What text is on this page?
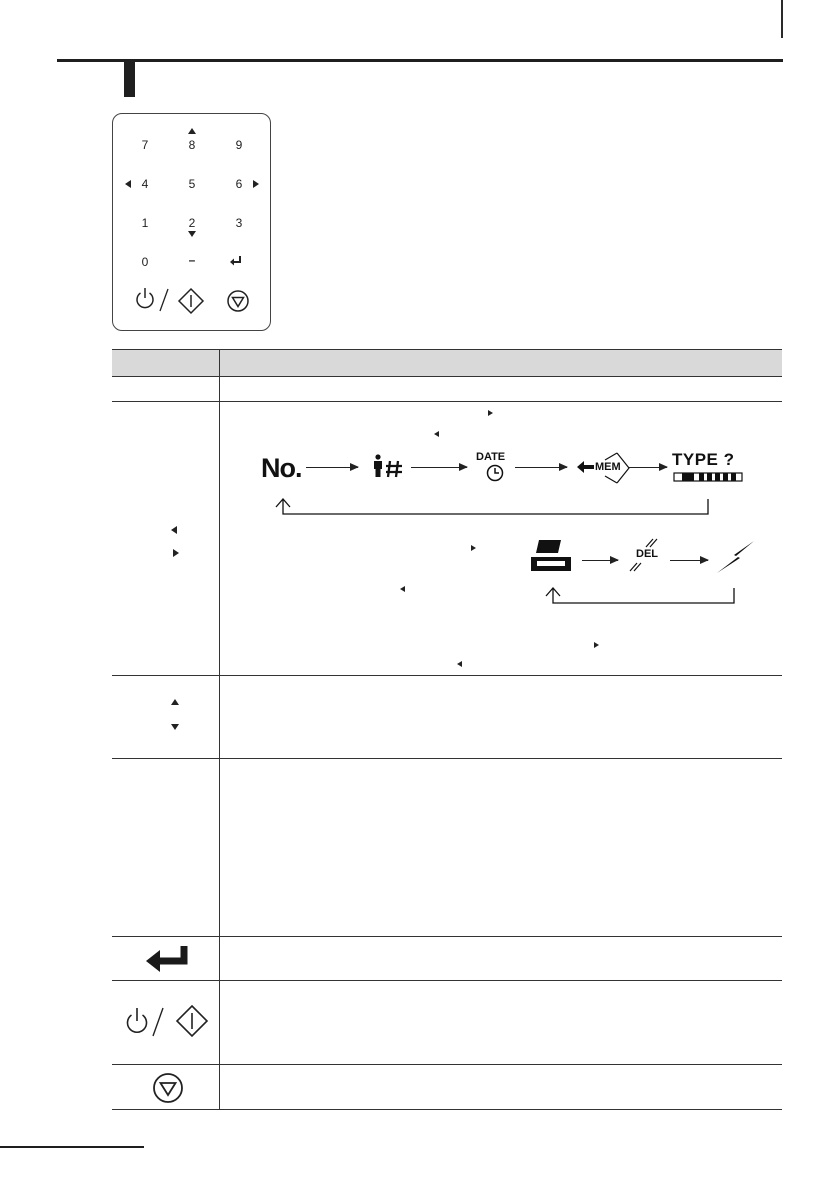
7	8	9
4	5	6
1	2	3
0	–
No.	DATE
MEM	TYPE ?
DEL
